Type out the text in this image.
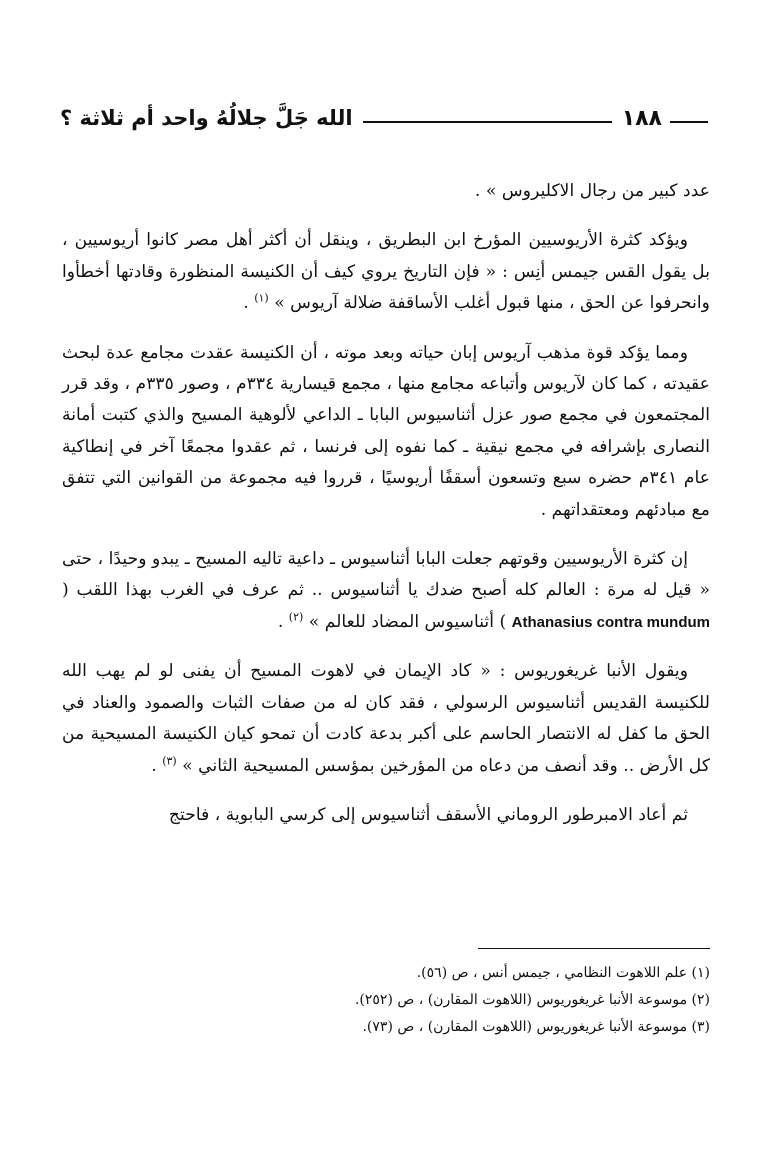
١٨٨
الله جَلَّ جلالُهُ واحد أم ثلاثة ؟

عدد كبير من رجال الاكليروس » .

ويؤكد كثرة الأريوسيين المؤرخ ابن البطريق ، وينقل أن أكثر أهل مصر كانوا أريوسيين ، بل يقول القس جيمس أنِس : « فإن التاريخ يروي كيف أن الكنيسة المنظورة وقادتها أخطأوا وانحرفوا عن الحق ، منها قبول أغلب الأساقفة ضلالة آريوس » $^{(١)}$ .

ومما يؤكد قوة مذهب آريوس إبان حياته وبعد موته ، أن الكنيسة عقدت مجامع عدة لبحث عقيدته ، كما كان لآريوس وأتباعه مجامع منها ، مجمع قيسارية ٣٣٤م ، وصور ٣٣٥م ، وقد قرر المجتمعون في مجمع صور عزل أثناسيوس البابا ـ الداعي لألوهية المسيح والذي كتبت أمانة النصارى بإشرافه في مجمع نيقية ـ كما نفوه إلى فرنسا ، ثم عقدوا مجمعًا آخر في إنطاكية عام ٣٤١م حضره سبع وتسعون أسقفًا أريوسيًا ، قرروا فيه مجموعة من القوانين التي تتفق مع مبادئهم ومعتقداتهم .

إن كثرة الأريوسيين وقوتهم جعلت البابا أثناسيوس ـ داعية تاليه المسيح ـ يبدو وحيدًا ، حتى « قيل له مرة : العالم كله أصبح ضدك يا أثناسيوس .. ثم عرف في الغرب بهذا اللقب ( Athanasius contra mundum ) أثناسيوس المضاد للعالم » $^{(٢)}$ .

ويقول الأنبا غريغوريوس : « كاد الإيمان في لاهوت المسيح أن يفنى لو لم يهب الله للكنيسة القديس أثناسيوس الرسولي ، فقد كان له من صفات الثبات والصمود والعناد في الحق ما كفل له الانتصار الحاسم على أكبر بدعة كادت أن تمحو كيان الكنيسة المسيحية من كل الأرض .. وقد أنصف من دعاه من المؤرخين بمؤسس المسيحية الثاني » $^{(٣)}$ .

ثم أعاد الامبرطور الروماني الأسقف أثناسيوس إلى كرسي البابوية ، فاحتج

(١) علم اللاهوت النظامي ، جيمس أنس ، ص (٥٦).

(٢) موسوعة الأنبا غريغوريوس (اللاهوت المقارن) ، ص (٢٥٢).

(٣) موسوعة الأنبا غريغوريوس (اللاهوت المقارن) ، ص (٧٣).
